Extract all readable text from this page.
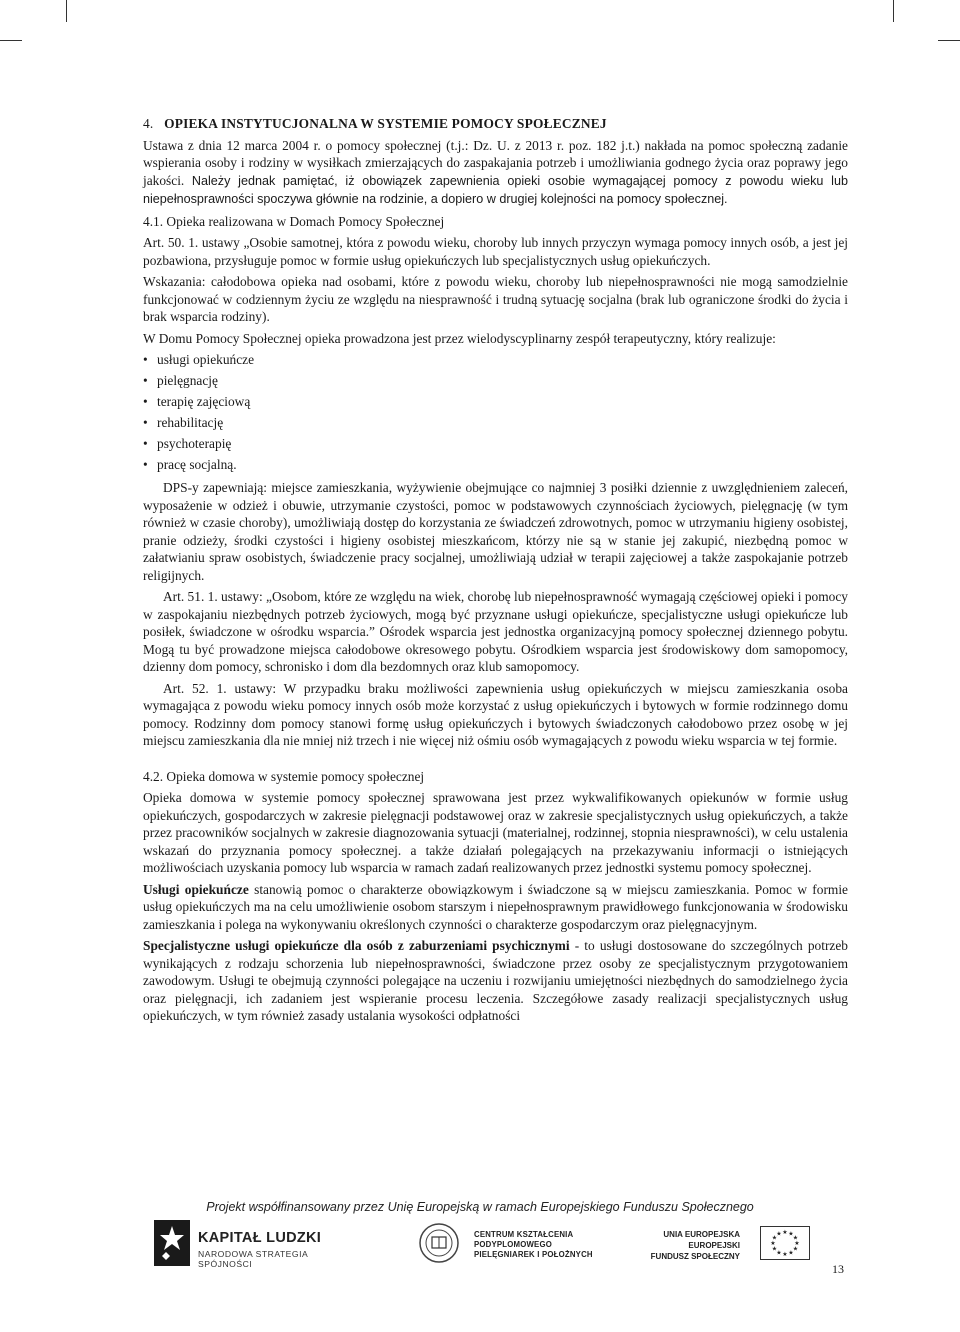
4. OPIEKA INSTYTUCJONALNA W SYSTEMIE POMOCY SPOŁECZNEJ

Ustawa z dnia 12 marca 2004 r. o pomocy społecznej (t.j.: Dz. U. z 2013 r. poz. 182 j.t.) nakłada na pomoc społeczną zadanie wspierania osoby i rodziny w wysiłkach zmierzających do zaspakajania potrzeb i umożliwiania godnego życia oraz poprawy jego jakości. Należy jednak pamiętać, iż obowiązek zapewnienia opieki osobie wymagającej pomocy z powodu wieku lub niepełnosprawności spoczywa głównie na rodzinie, a dopiero w drugiej kolejności na pomocy społecznej.

4.1. Opieka realizowana w Domach Pomocy Społecznej

Art. 50. 1. ustawy „Osobie samotnej, która z powodu wieku, choroby lub innych przyczyn wymaga pomocy innych osób, a jest jej pozbawiona, przysługuje pomoc w formie usług opiekuńczych lub specjalistycznych usług opiekuńczych.

Wskazania: całodobowa opieka nad osobami, które z powodu wieku, choroby lub niepełnosprawności nie mogą samodzielnie funkcjonować w codziennym życiu ze względu na niesprawność i trudną sytuację socjalna (brak lub ograniczone środki do życia i brak wsparcia rodziny).

W Domu Pomocy Społecznej opieka prowadzona jest przez wielodyscyplinarny zespół terapeutyczny, który realizuje:

• usługi opiekuńcze
• pielęgnację
• terapię zajęciową
• rehabilitację
• psychoterapię
• pracę socjalną.

DPS-y zapewniają: miejsce zamieszkania, wyżywienie obejmujące co najmniej 3 posiłki dziennie z uwzględnieniem zaleceń, wyposażenie w odzież i obuwie, utrzymanie czystości, pomoc w podstawowych czynnościach życiowych, pielęgnację (w tym również w czasie choroby), umożliwiają dostęp do korzystania ze świadczeń zdrowotnych, pomoc w utrzymaniu higieny osobistej, pranie odzieży, środki czystości i higieny osobistej mieszkańcom, którzy nie są w stanie jej zakupić, niezbędną pomoc w załatwianiu spraw osobistych, świadczenie pracy socjalnej, umożliwiają udział w terapii zajęciowej a także zaspokajanie potrzeb religijnych.

Art. 51. 1. ustawy: „Osobom, które ze względu na wiek, chorobę lub niepełnosprawność wymagają częściowej opieki i pomocy w zaspokajaniu niezbędnych potrzeb życiowych, mogą być przyznane usługi opiekuńcze, specjalistyczne usługi opiekuńcze lub posiłek, świadczone w ośrodku wsparcia.” Ośrodek wsparcia jest jednostka organizacyjną pomocy społecznej dziennego pobytu. Mogą tu być prowadzone miejsca całodobowe okresowego pobytu. Ośrodkiem wsparcia jest środowiskowy dom samopomocy, dzienny dom pomocy, schronisko i dom dla bezdomnych oraz klub samopomocy.

Art. 52. 1. ustawy: W przypadku braku możliwości zapewnienia usług opiekuńczych w miejscu zamieszkania osoba wymagająca z powodu wieku pomocy innych osób może korzystać z usług opiekuńczych i bytowych w formie rodzinnego domu pomocy. Rodzinny dom pomocy stanowi formę usług opiekuńczych i bytowych świadczonych całodobowo przez osobę w jej miejscu zamieszkania dla nie mniej niż trzech i nie więcej niż ośmiu osób wymagających z powodu wieku wsparcia w tej formie.

4.2. Opieka domowa w systemie pomocy społecznej

Opieka domowa w systemie pomocy społecznej sprawowana jest przez wykwalifikowanych opiekunów w formie usług opiekuńczych, gospodarczych w zakresie pielęgnacji podstawowej oraz w zakresie specjalistycznych usług opiekuńczych, a także przez pracowników socjalnych w zakresie diagnozowania sytuacji (materialnej, rodzinnej, stopnia niesprawności), w celu ustalenia wskazań do przyznania pomocy społecznej. a także działań polegających na przekazywaniu informacji o istniejących możliwościach uzyskania pomocy lub wsparcia w ramach zadań realizowanych przez jednostki systemu pomocy społecznej.

Usługi opiekuńcze stanowią pomoc o charakterze obowiązkowym i świadczone są w miejscu zamieszkania. Pomoc w formie usług opiekuńczych ma na celu umożliwienie osobom starszym i niepełnosprawnym prawidłowego funkcjonowania w środowisku zamieszkania i polega na wykonywaniu określonych czynności o charakterze gospodarczym oraz pielęgnacyjnym.

Specjalistyczne usługi opiekuńcze dla osób z zaburzeniami psychicznymi - to usługi dostosowane do szczególnych potrzeb wynikających z rodzaju schorzenia lub niepełnosprawności, świadczone przez osoby ze specjalistycznym przygotowaniem zawodowym. Usługi te obejmują czynności polegające na uczeniu i rozwijaniu umiejętności niezbędnych do samodzielnego życia oraz pielęgnacji, ich zadaniem jest wspieranie procesu leczenia. Szczegółowe zasady realizacji specjalistycznych usług opiekuńczych, w tym również zasady ustalania wysokości odpłatności

Projekt współfinansowany przez Unię Europejską w ramach Europejskiego Funduszu Społecznego
KAPITAŁ LUDZKI
NARODOWA STRATEGIA SPÓJNOŚCI
CENTRUM KSZTAŁCENIA
PODYPLOMOWEGO
PIELĘGNIAREK I POŁOŻNYCH
UNIA EUROPEJSKA
EUROPEJSKI
FUNDUSZ SPOŁECZNY
★ ★
★
★
★
★
★
★
★
★
★
★
13
